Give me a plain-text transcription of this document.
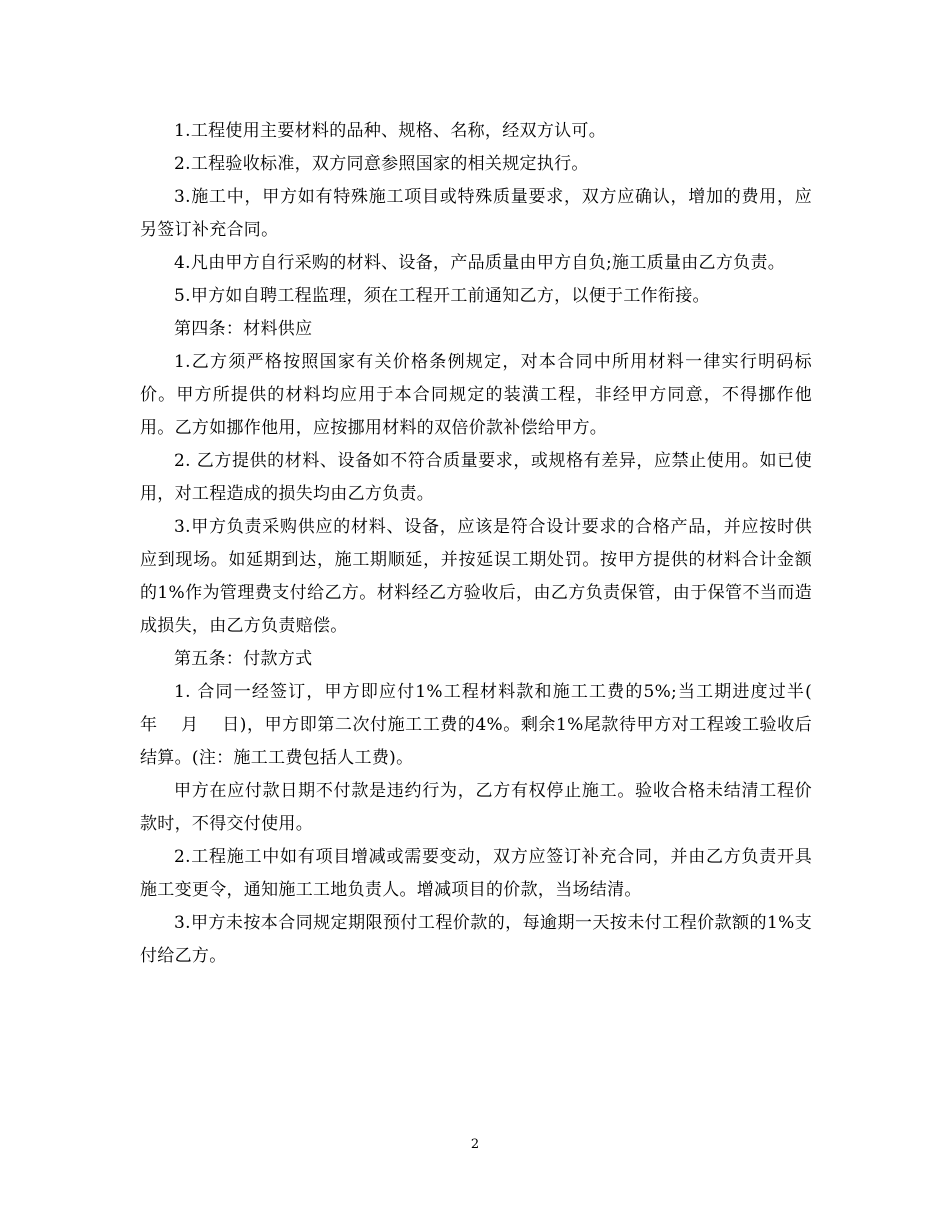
1.工程使用主要材料的品种、规格、名称，经双方认可。

2.工程验收标准，双方同意参照国家的相关规定执行。

3.施工中，甲方如有特殊施工项目或特殊质量要求，双方应确认，增加的费用，应另签订补充合同。

4.凡由甲方自行采购的材料、设备，产品质量由甲方自负;施工质量由乙方负责。

5.甲方如自聘工程监理，须在工程开工前通知乙方，以便于工作衔接。

第四条：材料供应

1.乙方须严格按照国家有关价格条例规定，对本合同中所用材料一律实行明码标价。甲方所提供的材料均应用于本合同规定的装潢工程，非经甲方同意，不得挪作他用。乙方如挪作他用，应按挪用材料的双倍价款补偿给甲方。

2. 乙方提供的材料、设备如不符合质量要求，或规格有差异，应禁止使用。如已使用，对工程造成的损失均由乙方负责。

3.甲方负责采购供应的材料、设备，应该是符合设计要求的合格产品，并应按时供应到现场。如延期到达，施工期顺延，并按延误工期处罚。按甲方提供的材料合计金额的1%作为管理费支付给乙方。材料经乙方验收后，由乙方负责保管，由于保管不当而造成损失，由乙方负责赔偿。

第五条：付款方式

1. 合同一经签订，甲方即应付1%工程材料款和施工工费的5%;当工期进度过半(　　年　 月　 日)，甲方即第二次付施工工费的4%。剩余1%尾款待甲方对工程竣工验收后结算。(注：施工工费包括人工费)。

甲方在应付款日期不付款是违约行为，乙方有权停止施工。验收合格未结清工程价款时，不得交付使用。

2.工程施工中如有项目增减或需要变动，双方应签订补充合同，并由乙方负责开具施工变更令，通知施工工地负责人。增减项目的价款，当场结清。

3.甲方未按本合同规定期限预付工程价款的，每逾期一天按未付工程价款额的1%支付给乙方。

2
